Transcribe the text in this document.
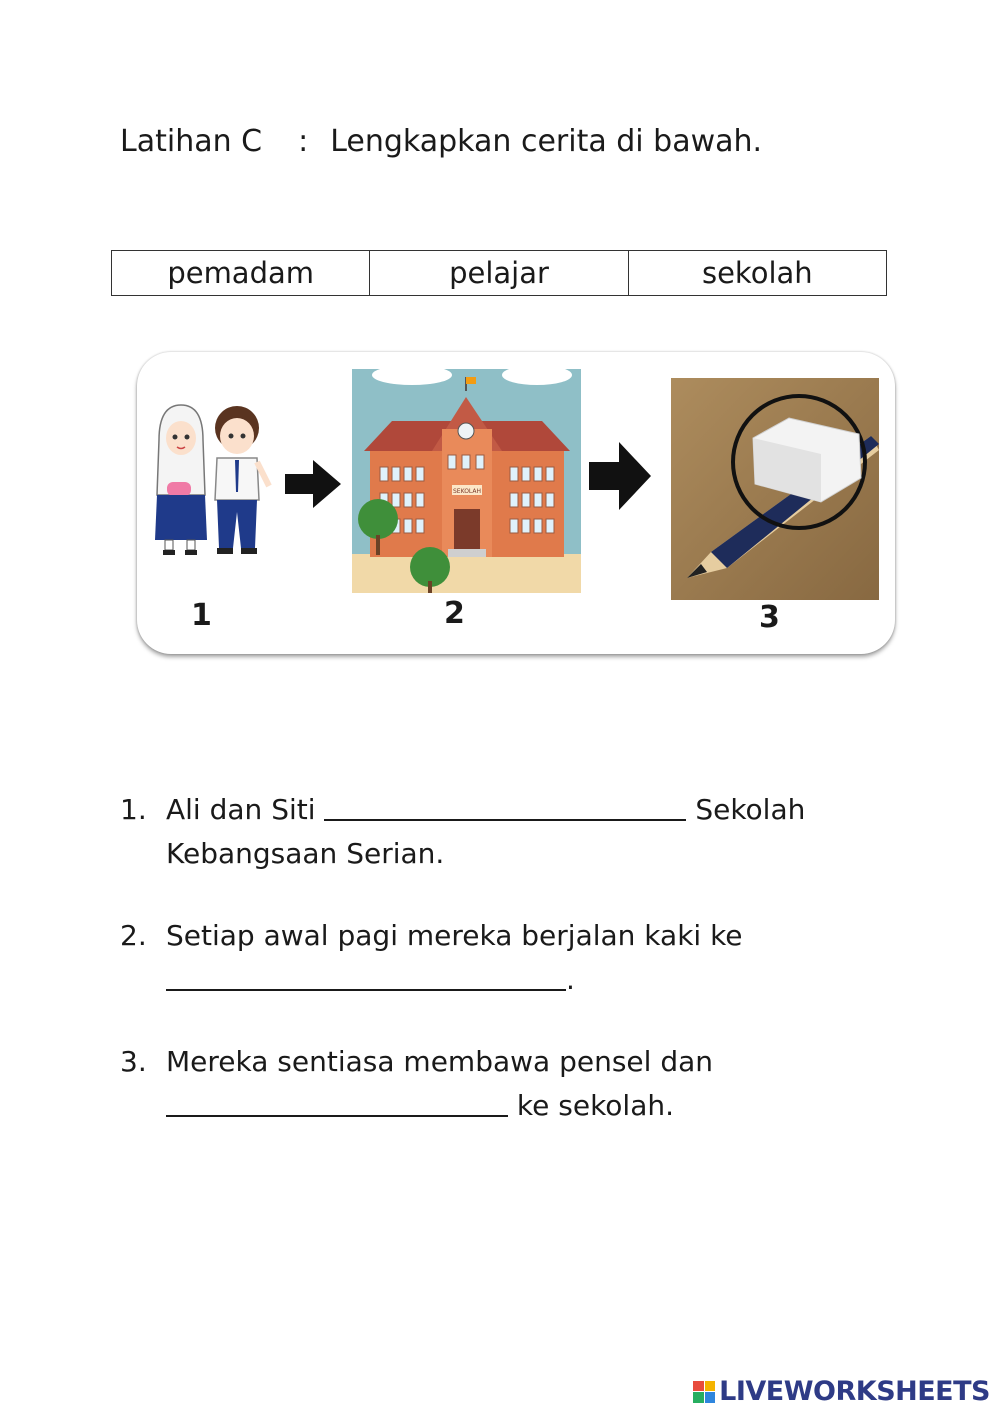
Latihan C : Lengkapkan cerita di bawah.
pemadam	pelajar	sekolah
SEKOLAH
1	2	3
1. Ali dan Siti	Sekolah Kebangsaan Serian.
2. Setiap awal pagi mereka berjalan kaki ke
.
3. Mereka sentiasa membawa pensel dan
ke sekolah.
LIVEWORKSHEETS
